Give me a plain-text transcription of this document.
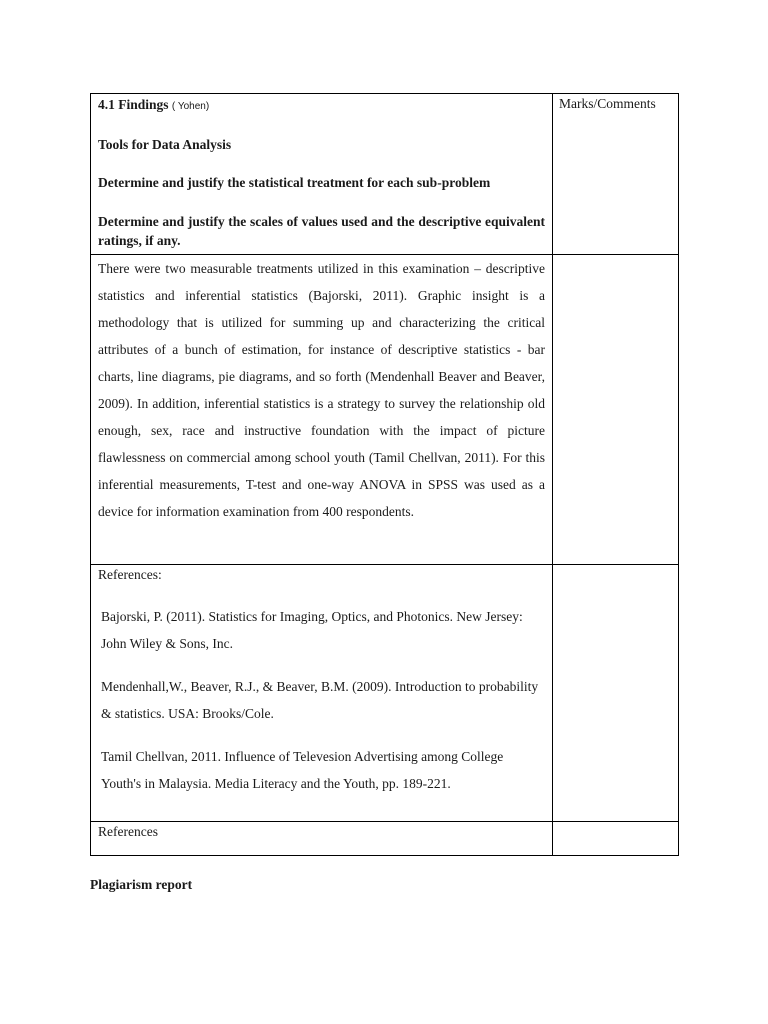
4.1 Findings ( Yohen)

Tools for Data Analysis

Determine and justify the statistical treatment for each sub-problem

Determine and justify the scales of values used and the descriptive equivalent ratings, if any.	Marks/Comments

There were two measurable treatments utilized in this examination – descriptive statistics and inferential statistics (Bajorski, 2011). Graphic insight is a methodology that is utilized for summing up and characterizing the critical attributes of a bunch of estimation, for instance of descriptive statistics - bar charts, line diagrams, pie diagrams, and so forth (Mendenhall Beaver and Beaver, 2009). In addition, inferential statistics is a strategy to survey the relationship old enough, sex, race and instructive foundation with the impact of picture flawlessness on commercial among school youth (Tamil Chellvan, 2011). For this inferential measurements, T-test and one-way ANOVA in SPSS was used as a device for information examination from 400 respondents.	

References:

Bajorski, P. (2011). Statistics for Imaging, Optics, and Photonics. New Jersey: John Wiley & Sons, Inc.

Mendenhall,W., Beaver, R.J., & Beaver, B.M. (2009). Introduction to probability & statistics. USA: Brooks/Cole.

Tamil Chellvan, 2011. Influence of Televesion Advertising among College Youth's in Malaysia. Media Literacy and the Youth, pp. 189-221.	

References	

Plagiarism report
